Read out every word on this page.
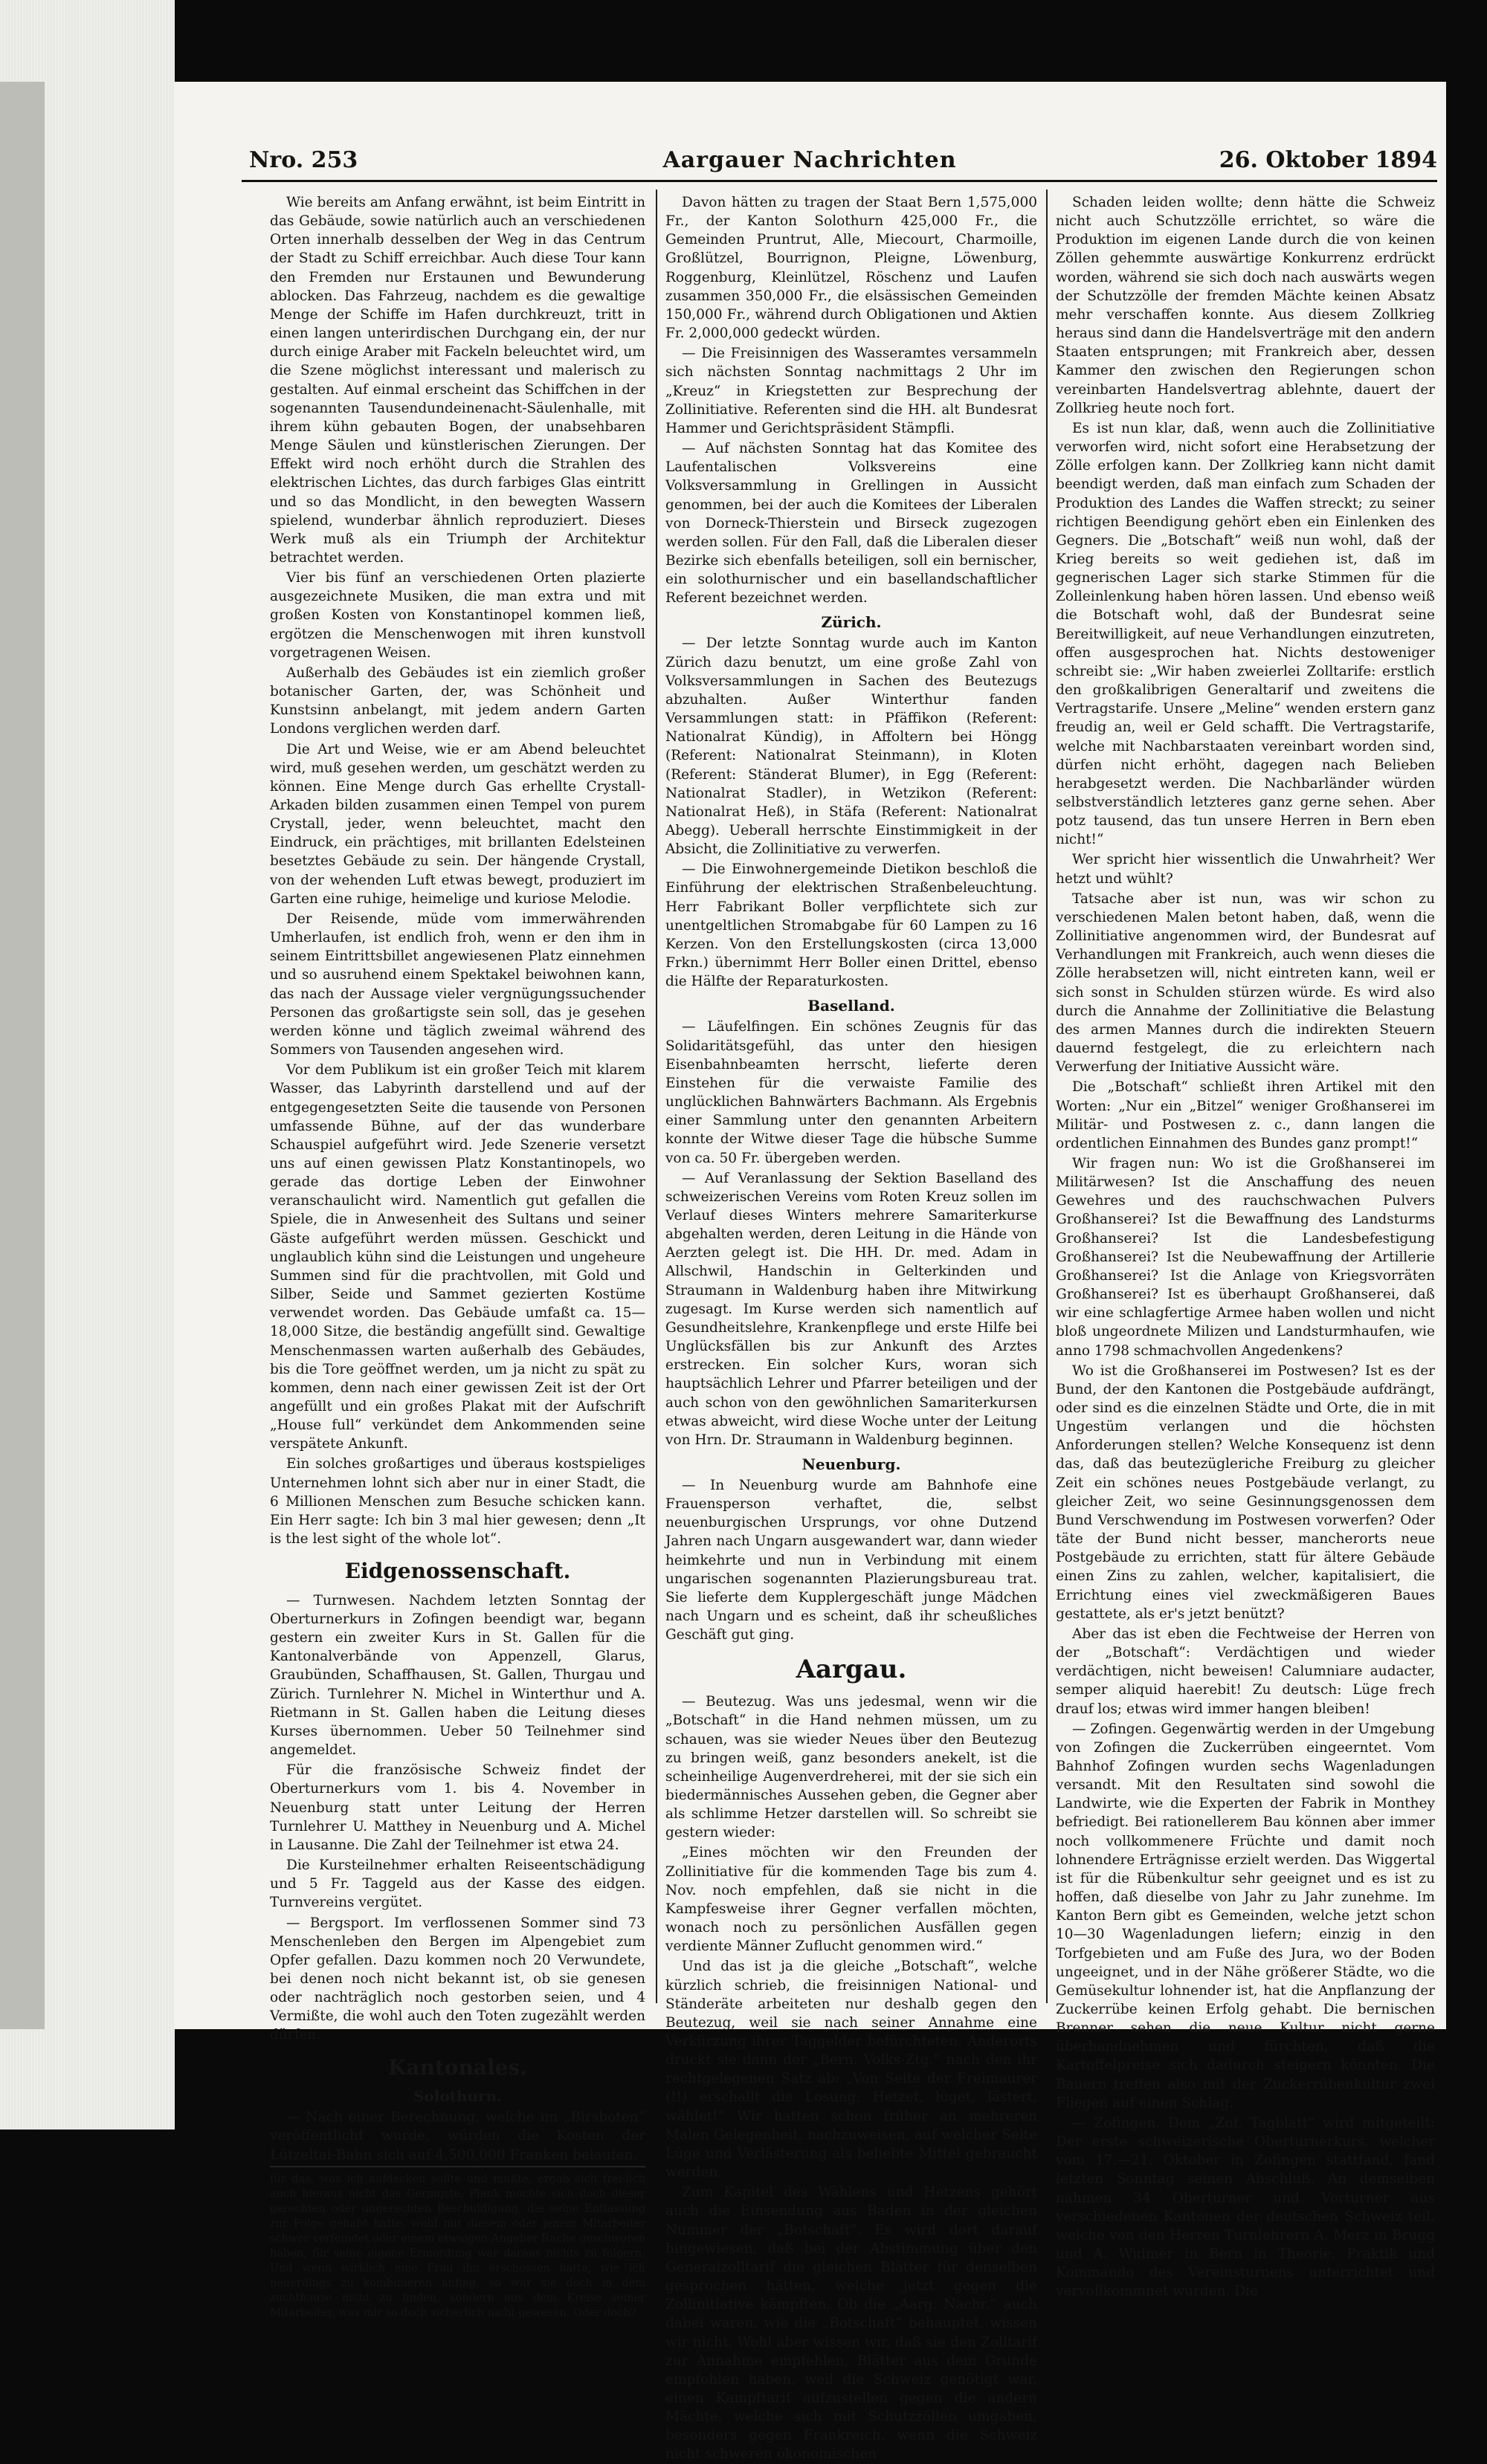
Aargauer Nachrichten
Nro. 253	26. Oktober 1894

Wie bereits am Anfang erwähnt, ist beim Eintritt in das Gebäude, sowie natürlich auch an verschiedenen Orten innerhalb desselben der Weg in das Centrum der Stadt zu Schiff erreichbar. Auch diese Tour kann den Fremden nur Erstaunen und Bewunderung ablocken. Das Fahrzeug, nachdem es die gewaltige Menge der Schiffe im Hafen durchkreuzt, tritt in einen langen unterirdischen Durchgang ein, der nur durch einige Araber mit Fackeln beleuchtet wird, um die Szene möglichst interessant und malerisch zu gestalten. Auf einmal erscheint das Schiffchen in der sogenannten Tausendundeinenacht-Säulenhalle, mit ihrem kühn gebauten Bogen, der unabsehbaren Menge Säulen und künstlerischen Zierungen. Der Effekt wird noch erhöht durch die Strahlen des elektrischen Lichtes, das durch farbiges Glas eintritt und so das Mondlicht, in den bewegten Wassern spielend, wunderbar ähnlich reproduziert. Dieses Werk muß als ein Triumph der Architektur betrachtet werden.

Vier bis fünf an verschiedenen Orten plazierte ausgezeichnete Musiken, die man extra und mit großen Kosten von Konstantinopel kommen ließ, ergötzen die Menschenwogen mit ihren kunstvoll vorgetragenen Weisen.

Außerhalb des Gebäudes ist ein ziemlich großer botanischer Garten, der, was Schönheit und Kunstsinn anbelangt, mit jedem andern Garten Londons verglichen werden darf.

Die Art und Weise, wie er am Abend beleuchtet wird, muß gesehen werden, um geschätzt werden zu können. Eine Menge durch Gas erhellte Crystall-Arkaden bilden zusammen einen Tempel von purem Crystall, jeder, wenn beleuchtet, macht den Eindruck, ein prächtiges, mit brillanten Edelsteinen besetztes Gebäude zu sein. Der hängende Crystall, von der wehenden Luft etwas bewegt, produziert im Garten eine ruhige, heimelige und kuriose Melodie.

Der Reisende, müde vom immerwährenden Umherlaufen, ist endlich froh, wenn er den ihm in seinem Eintrittsbillet angewiesenen Platz einnehmen und so ausruhend einem Spektakel beiwohnen kann, das nach der Aussage vieler vergnügungssuchender Personen das großartigste sein soll, das je gesehen werden könne und täglich zweimal während des Sommers von Tausenden angesehen wird.

Vor dem Publikum ist ein großer Teich mit klarem Wasser, das Labyrinth darstellend und auf der entgegengesetzten Seite die tausende von Personen umfassende Bühne, auf der das wunderbare Schauspiel aufgeführt wird. Jede Szenerie versetzt uns auf einen gewissen Platz Konstantinopels, wo gerade das dortige Leben der Einwohner veranschaulicht wird. Namentlich gut gefallen die Spiele, die in Anwesenheit des Sultans und seiner Gäste aufgeführt werden müssen. Geschickt und unglaublich kühn sind die Leistungen und ungeheure Summen sind für die prachtvollen, mit Gold und Silber, Seide und Sammet gezierten Kostüme verwendet worden. Das Gebäude umfaßt ca. 15—18,000 Sitze, die beständig angefüllt sind. Gewaltige Menschenmassen warten außerhalb des Gebäudes, bis die Tore geöffnet werden, um ja nicht zu spät zu kommen, denn nach einer gewissen Zeit ist der Ort angefüllt und ein großes Plakat mit der Aufschrift „House full“ verkündet dem Ankommenden seine verspätete Ankunft.

Ein solches großartiges und überaus kostspieliges Unternehmen lohnt sich aber nur in einer Stadt, die 6 Millionen Menschen zum Besuche schicken kann. Ein Herr sagte: Ich bin 3 mal hier gewesen; denn „It is the lest sight of the whole lot“.

Eidgenossenschaft.

— Turnwesen. Nachdem letzten Sonntag der Oberturnerkurs in Zofingen beendigt war, begann gestern ein zweiter Kurs in St. Gallen für die Kantonalverbände von Appenzell, Glarus, Graubünden, Schaffhausen, St. Gallen, Thurgau und Zürich. Turnlehrer N. Michel in Winterthur und A. Rietmann in St. Gallen haben die Leitung dieses Kurses übernommen. Ueber 50 Teilnehmer sind angemeldet.

Für die französische Schweiz findet der Oberturnerkurs vom 1. bis 4. November in Neuenburg statt unter Leitung der Herren Turnlehrer U. Matthey in Neuenburg und A. Michel in Lausanne. Die Zahl der Teilnehmer ist etwa 24.

Die Kursteilnehmer erhalten Reiseentschädigung und 5 Fr. Taggeld aus der Kasse des eidgen. Turnvereins vergütet.

— Bergsport. Im verflossenen Sommer sind 73 Menschenleben den Bergen im Alpengebiet zum Opfer gefallen. Dazu kommen noch 20 Verwundete, bei denen noch nicht bekannt ist, ob sie genesen oder nachträglich noch gestorben seien, und 4 Vermißte, die wohl auch den Toten zugezählt werden dürfen.

Kantonales.
Solothurn.

— Nach einer Berechnung, welche im „Birsboten“ veröffentlicht wurde, würden die Kosten der Lützeltal-Bahn sich auf 4,500,000 Franken belaufen.

für das, was ich aufdecken sollte und mußte, ergab sich frei-lich auch hieraus nicht das Geringste. Plank mochte sich doch dieser gerechten oder ungerechten Beschuldigung, die seine Entlassung zur Folge gehabt hatte, wohl mit diesem oder jenem Mitarbeiter schwer verfeindet oder einem etwaigen Angeber Rache geschworen haben, für seine eigene Ermordung war daraus nichts zu folgern. Und wenn wirklich eine Frau ihn erschossen hatte, wie ich neuerdings zu kombinieren anfing, so war sie doch in dem zuchthause nicht zu finden, sondern aus dem Kreise seiner Mitarbeiter, was mir so doch sicherlich nicht gewesen. Oder doch?

Davon hätten zu tragen der Staat Bern 1,575,000 Fr., der Kanton Solothurn 425,000 Fr., die Gemeinden Pruntrut, Alle, Miecourt, Charmoille, Großlützel, Bourrignon, Pleigne, Löwenburg, Roggenburg, Kleinlützel, Röschenz und Laufen zusammen 350,000 Fr., die elsässischen Gemeinden 150,000 Fr., während durch Obligationen und Aktien Fr. 2,000,000 gedeckt würden.

— Die Freisinnigen des Wasseramtes versammeln sich nächsten Sonntag nachmittags 2 Uhr im „Kreuz“ in Kriegstetten zur Besprechung der Zollinitiative. Referenten sind die HH. alt Bundesrat Hammer und Gerichtspräsident Stämpfli.

— Auf nächsten Sonntag hat das Komitee des Laufentalischen Volksvereins eine Volksversammlung in Grellingen in Aussicht genommen, bei der auch die Komitees der Liberalen von Dorneck-Thierstein und Birseck zugezogen werden sollen. Für den Fall, daß die Liberalen dieser Bezirke sich ebenfalls beteiligen, soll ein bernischer, ein solothurnischer und ein basellandschaftlicher Referent bezeichnet werden.

Zürich.

— Der letzte Sonntag wurde auch im Kanton Zürich dazu benutzt, um eine große Zahl von Volksversammlungen in Sachen des Beutezugs abzuhalten. Außer Winterthur fanden Versammlungen statt: in Pfäffikon (Referent: Nationalrat Kündig), in Affoltern bei Höngg (Referent: Nationalrat Steinmann), in Kloten (Referent: Ständerat Blumer), in Egg (Referent: Nationalrat Stadler), in Wetzikon (Referent: Nationalrat Heß), in Stäfa (Referent: Nationalrat Abegg). Ueberall herrschte Einstimmigkeit in der Absicht, die Zollinitiative zu verwerfen.

— Die Einwohnergemeinde Dietikon beschloß die Einführung der elektrischen Straßenbeleuchtung. Herr Fabrikant Boller verpflichtete sich zur unentgeltlichen Stromabgabe für 60 Lampen zu 16 Kerzen. Von den Erstellungskosten (circa 13,000 Frkn.) übernimmt Herr Boller einen Drittel, ebenso die Hälfte der Reparaturkosten.

Baselland.

— Läufelfingen. Ein schönes Zeugnis für das Solidaritätsgefühl, das unter den hiesigen Eisenbahnbeamten herrscht, lieferte deren Einstehen für die verwaiste Familie des unglücklichen Bahnwärters Bachmann. Als Ergebnis einer Sammlung unter den genannten Arbeitern konnte der Witwe dieser Tage die hübsche Summe von ca. 50 Fr. übergeben werden.

— Auf Veranlassung der Sektion Baselland des schweizerischen Vereins vom Roten Kreuz sollen im Verlauf dieses Winters mehrere Samariterkurse abgehalten werden, deren Leitung in die Hände von Aerzten gelegt ist. Die HH. Dr. med. Adam in Allschwil, Handschin in Gelterkinden und Straumann in Waldenburg haben ihre Mitwirkung zugesagt. Im Kurse werden sich namentlich auf Gesundheitslehre, Krankenpflege und erste Hilfe bei Unglücksfällen bis zur Ankunft des Arztes erstrecken. Ein solcher Kurs, woran sich hauptsächlich Lehrer und Pfarrer beteiligen und der auch schon von den gewöhnlichen Samariterkursen etwas abweicht, wird diese Woche unter der Leitung von Hrn. Dr. Straumann in Waldenburg beginnen.

Neuenburg.

— In Neuenburg wurde am Bahnhofe eine Frauensperson verhaftet, die, selbst neuenburgischen Ursprungs, vor ohne Dutzend Jahren nach Ungarn ausgewandert war, dann wieder heimkehrte und nun in Verbindung mit einem ungarischen sogenannten Plazierungsbureau trat. Sie lieferte dem Kupplergeschäft junge Mädchen nach Ungarn und es scheint, daß ihr scheußliches Geschäft gut ging.

Aargau.

— Beutezug. Was uns jedesmal, wenn wir die „Botschaft“ in die Hand nehmen müssen, um zu schauen, was sie wieder Neues über den Beutezug zu bringen weiß, ganz besonders anekelt, ist die scheinheilige Augenverdreherei, mit der sie sich ein biedermännisches Aussehen geben, die Gegner aber als schlimme Hetzer darstellen will. So schreibt sie gestern wieder:

„Eines möchten wir den Freunden der Zollinitiative für die kommenden Tage bis zum 4. Nov. noch empfehlen, daß sie nicht in die Kampfesweise ihrer Gegner verfallen möchten, wonach noch zu persönlichen Ausfällen gegen verdiente Männer Zuflucht genommen wird.“

Und das ist ja die gleiche „Botschaft“, welche kürzlich schrieb, die freisinnigen National- und Ständeräte arbeiteten nur deshalb gegen den Beutezug, weil sie nach seiner Annahme eine Verkürzung ihrer Taggelder befürchteten. Anderorts druckt sie dann der „Bern. Volks-Ztg.“ nach den ihr rechtgelegenen Satz ab: „Von Seite der Freimaurer (!!) erschallt die Losung: Hetzet, lüget, lästert, wählet!“ Wir hatten schon früher an mehreren Malen Gelegenheit, nachzuweisen, auf welcher Seite Lüge und Verlästerung als beliebte Mittel gebraucht werden.

Zum Kapitel des Wählens und Hetzens gehört auch die Einsendung aus Baden in der gleichen Nummer der „Botschaft“. Es wird dort darauf hingewiesen, daß bei der Abstimmung über den Generalzolltarif die gleichen Blätter für denselben gesprochen hätten, welche jetzt gegen die Zollinitiative kämpften. Ob die „Aarg. Nachr.“ auch dabei waren, wie die „Botschaft“ behauptet, wissen wir nicht. Wohl aber wissen wir, daß sie den Zolltarif zur Annahme empfehlen, Blätter aus dem Grunde empfohlen haben, weil die Schweiz genötigt war, einen Kampftarif aufzustellen gegen die andern Mächte, welche sich mit Schutzzöllen umgaben, besonders gegen Frankreich, wenn die Schweiz nicht schweren ökonomischen

Schaden leiden wollte; denn hätte die Schweiz nicht auch Schutzzölle errichtet, so wäre die Produktion im eigenen Lande durch die von keinen Zöllen gehemmte auswärtige Konkurrenz erdrückt worden, während sie sich doch nach auswärts wegen der Schutzzölle der fremden Mächte keinen Absatz mehr verschaffen konnte. Aus diesem Zollkrieg heraus sind dann die Handelsverträge mit den andern Staaten entsprungen; mit Frankreich aber, dessen Kammer den zwischen den Regierungen schon vereinbarten Handelsvertrag ablehnte, dauert der Zollkrieg heute noch fort.

Es ist nun klar, daß, wenn auch die Zollinitiative verworfen wird, nicht sofort eine Herabsetzung der Zölle erfolgen kann. Der Zollkrieg kann nicht damit beendigt werden, daß man einfach zum Schaden der Produktion des Landes die Waffen streckt; zu seiner richtigen Beendigung gehört eben ein Einlenken des Gegners. Die „Botschaft“ weiß nun wohl, daß der Krieg bereits so weit gediehen ist, daß im gegnerischen Lager sich starke Stimmen für die Zolleinlenkung haben hören lassen. Und ebenso weiß die Botschaft wohl, daß der Bundesrat seine Bereitwilligkeit, auf neue Verhandlungen einzutreten, offen ausgesprochen hat. Nichts destoweniger schreibt sie: „Wir haben zweierlei Zolltarife: erstlich den großkalibrigen Generaltarif und zweitens die Vertragstarife. Unsere „Meline“ wenden erstern ganz freudig an, weil er Geld schafft. Die Vertragstarife, welche mit Nachbarstaaten vereinbart worden sind, dürfen nicht erhöht, dagegen nach Belieben herabgesetzt werden. Die Nachbarländer würden selbstverständlich letzteres ganz gerne sehen. Aber potz tausend, das tun unsere Herren in Bern eben nicht!“

Wer spricht hier wissentlich die Unwahrheit? Wer hetzt und wühlt?

Tatsache aber ist nun, was wir schon zu verschiedenen Malen betont haben, daß, wenn die Zollinitiative angenommen wird, der Bundesrat auf Verhandlungen mit Frankreich, auch wenn dieses die Zölle herabsetzen will, nicht eintreten kann, weil er sich sonst in Schulden stürzen würde. Es wird also durch die Annahme der Zollinitiative die Belastung des armen Mannes durch die indirekten Steuern dauernd festgelegt, die zu erleichtern nach Verwerfung der Initiative Aussicht wäre.

Die „Botschaft“ schließt ihren Artikel mit den Worten: „Nur ein „Bitzel“ weniger Großhanserei im Militär- und Postwesen z. c., dann langen die ordentlichen Einnahmen des Bundes ganz prompt!“

Wir fragen nun: Wo ist die Großhanserei im Militärwesen? Ist die Anschaffung des neuen Gewehres und des rauchschwachen Pulvers Großhanserei? Ist die Bewaffnung des Landsturms Großhanserei? Ist die Landesbefestigung Großhanserei? Ist die Neubewaffnung der Artillerie Großhanserei? Ist die Anlage von Kriegsvorräten Großhanserei? Ist es überhaupt Großhanserei, daß wir eine schlagfertige Armee haben wollen und nicht bloß ungeordnete Milizen und Landsturmhaufen, wie anno 1798 schmachvollen Angedenkens?

Wo ist die Großhanserei im Postwesen? Ist es der Bund, der den Kantonen die Postgebäude aufdrängt, oder sind es die einzelnen Städte und Orte, die in mit Ungestüm verlangen und die höchsten Anforderungen stellen? Welche Konsequenz ist denn das, daß das beutezügleriche Freiburg zu gleicher Zeit ein schönes neues Postgebäude verlangt, zu gleicher Zeit, wo seine Gesinnungsgenossen dem Bund Verschwendung im Postwesen vorwerfen? Oder täte der Bund nicht besser, mancherorts neue Postgebäude zu errichten, statt für ältere Gebäude einen Zins zu zahlen, welcher, kapitalisiert, die Errichtung eines viel zweckmäßigeren Baues gestattete, als er's jetzt benützt?

Aber das ist eben die Fechtweise der Herren von der „Botschaft“: Verdächtigen und wieder verdächtigen, nicht beweisen! Calumniare audacter, semper aliquid haerebit! Zu deutsch: Lüge frech drauf los; etwas wird immer hangen bleiben!

— Zofingen. Gegenwärtig werden in der Umgebung von Zofingen die Zuckerrüben eingeerntet. Vom Bahnhof Zofingen wurden sechs Wagenladungen versandt. Mit den Resultaten sind sowohl die Landwirte, wie die Experten der Fabrik in Monthey befriedigt. Bei rationellerem Bau können aber immer noch vollkommenere Früchte und damit noch lohnendere Erträgnisse erzielt werden. Das Wiggertal ist für die Rübenkultur sehr geeignet und es ist zu hoffen, daß dieselbe von Jahr zu Jahr zunehme. Im Kanton Bern gibt es Gemeinden, welche jetzt schon 10—30 Wagenladungen liefern; einzig in den Torfgebieten und am Fuße des Jura, wo der Boden ungeeignet, und in der Nähe größerer Städte, wo die Gemüsekultur lohnender ist, hat die Anpflanzung der Zuckerrübe keinen Erfolg gehabt. Die bernischen Brenner sehen die neue Kultur nicht gerne überhandnehmen und fürchten, daß die Kartoffelpreise sich dadurch steigern könnten. Die Bauern treffen also mit der Zuckerrübenkultur zwei Fliegen auf einen Schlag.

— Zofingen. Dem „Zof. Tagblatt“ wird mitgeteilt: Der erste schweizerische Oberturnerkurs, welcher vom 17.—21. Oktober in Zofingen stattfand, fand letzten Sonntag seinen Abschluß. An demselben nahmen 34 Oberturner und Vorturner aus verschiedenen Kantonen der deutschen Schweiz teil, welche von den Herren Turnlehrern A. Merz in Brugg und A. Widmer in Bern in Theorie, Praktik und Kommando des Vereinsturnens unterrichtet und vervollkommnet wurden. Die
